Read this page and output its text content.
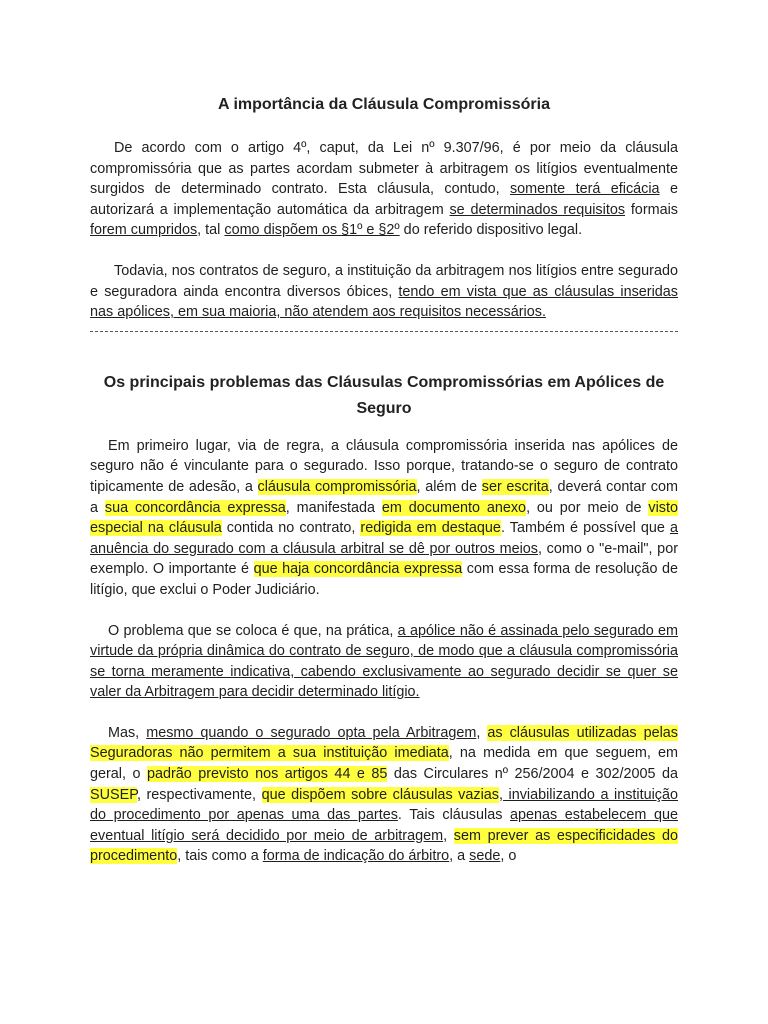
A importância da Cláusula Compromissória

De acordo com o artigo 4º, caput, da Lei nº 9.307/96, é por meio da cláusula compromissória que as partes acordam submeter à arbitragem os litígios eventualmente surgidos de determinado contrato. Esta cláusula, contudo, somente terá eficácia e autorizará a implementação automática da arbitragem se determinados requisitos formais forem cumpridos, tal como dispõem os §1º e §2º do referido dispositivo legal.

Todavia, nos contratos de seguro, a instituição da arbitragem nos litígios entre segurado e seguradora ainda encontra diversos óbices, tendo em vista que as cláusulas inseridas nas apólices, em sua maioria, não atendem aos requisitos necessários.

Os principais problemas das Cláusulas Compromissórias em Apólices de Seguro

Em primeiro lugar, via de regra, a cláusula compromissória inserida nas apólices de seguro não é vinculante para o segurado. Isso porque, tratando-se o seguro de contrato tipicamente de adesão, a cláusula compromissória, além de ser escrita, deverá contar com a sua concordância expressa, manifestada em documento anexo, ou por meio de visto especial na cláusula contida no contrato, redigida em destaque. Também é possível que a anuência do segurado com a cláusula arbitral se dê por outros meios, como o "e-mail", por exemplo. O importante é que haja concordância expressa com essa forma de resolução de litígio, que exclui o Poder Judiciário.

O problema que se coloca é que, na prática, a apólice não é assinada pelo segurado em virtude da própria dinâmica do contrato de seguro, de modo que a cláusula compromissória se torna meramente indicativa, cabendo exclusivamente ao segurado decidir se quer se valer da Arbitragem para decidir determinado litígio.

Mas, mesmo quando o segurado opta pela Arbitragem, as cláusulas utilizadas pelas Seguradoras não permitem a sua instituição imediata, na medida em que seguem, em geral, o padrão previsto nos artigos 44 e 85 das Circulares nº 256/2004 e 302/2005 da SUSEP, respectivamente, que dispõem sobre cláusulas vazias, inviabilizando a instituição do procedimento por apenas uma das partes. Tais cláusulas apenas estabelecem que eventual litígio será decidido por meio de arbitragem, sem prever as especificidades do procedimento, tais como a forma de indicação do árbitro, a sede, o
